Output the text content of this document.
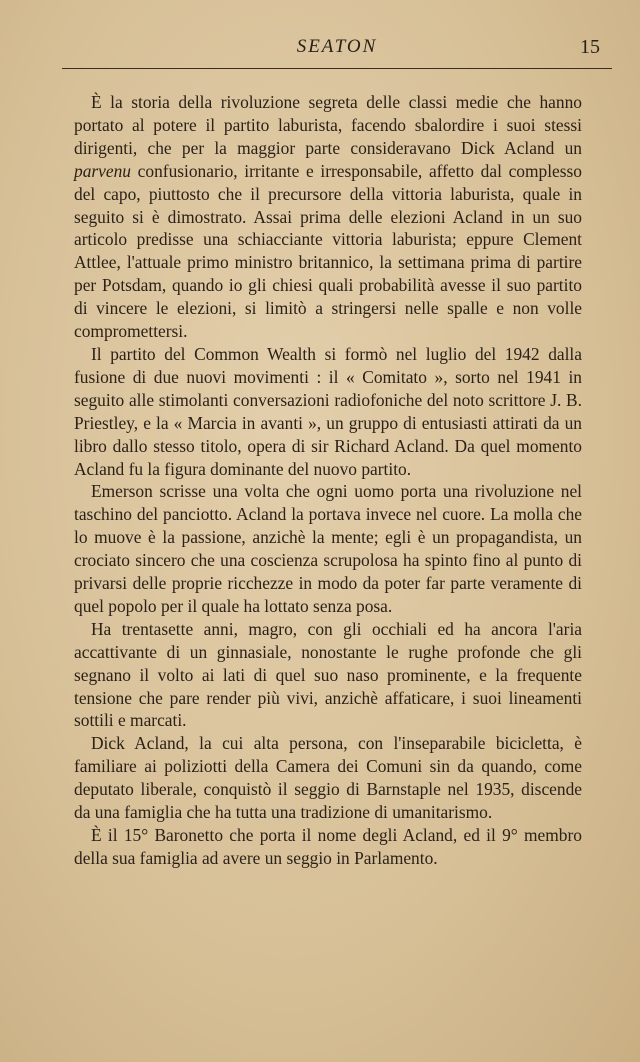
SEATON	15

È la storia della rivoluzione segreta delle classi medie che hanno portato al potere il partito laburista, facendo sbalordire i suoi stessi dirigenti, che per la maggior parte consideravano Dick Acland un parvenu confusionario, irritante e irresponsabile, affetto dal complesso del capo, piuttosto che il precursore della vittoria laburista, quale in seguito si è dimostrato. Assai prima delle elezioni Acland in un suo articolo predisse una schiacciante vittoria laburista; eppure Clement Attlee, l'attuale primo ministro britannico, la settimana prima di partire per Potsdam, quando io gli chiesi quali probabilità avesse il suo partito di vincere le elezioni, si limitò a stringersi nelle spalle e non volle compromettersi.

Il partito del Common Wealth si formò nel luglio del 1942 dalla fusione di due nuovi movimenti : il « Comitato », sorto nel 1941 in seguito alle stimolanti conversazioni radiofoniche del noto scrittore J. B. Priestley, e la « Marcia in avanti », un gruppo di entusiasti attirati da un libro dallo stesso titolo, opera di sir Richard Acland. Da quel momento Acland fu la figura dominante del nuovo partito.

Emerson scrisse una volta che ogni uomo porta una rivoluzione nel taschino del panciotto. Acland la portava invece nel cuore. La molla che lo muove è la passione, anzichè la mente; egli è un propagandista, un crociato sincero che una coscienza scrupolosa ha spinto fino al punto di privarsi delle proprie ricchezze in modo da poter far parte veramente di quel popolo per il quale ha lottato senza posa.

Ha trentasette anni, magro, con gli occhiali ed ha ancora l'aria accattivante di un ginnasiale, nonostante le rughe profonde che gli segnano il volto ai lati di quel suo naso prominente, e la frequente tensione che pare render più vivi, anzichè affaticare, i suoi lineamenti sottili e marcati.

Dick Acland, la cui alta persona, con l'inseparabile bicicletta, è familiare ai poliziotti della Camera dei Comuni sin da quando, come deputato liberale, conquistò il seggio di Barnstaple nel 1935, discende da una famiglia che ha tutta una tradizione di umanitarismo.

È il 15° Baronetto che porta il nome degli Acland, ed il 9° membro della sua famiglia ad avere un seggio in Parlamento.
